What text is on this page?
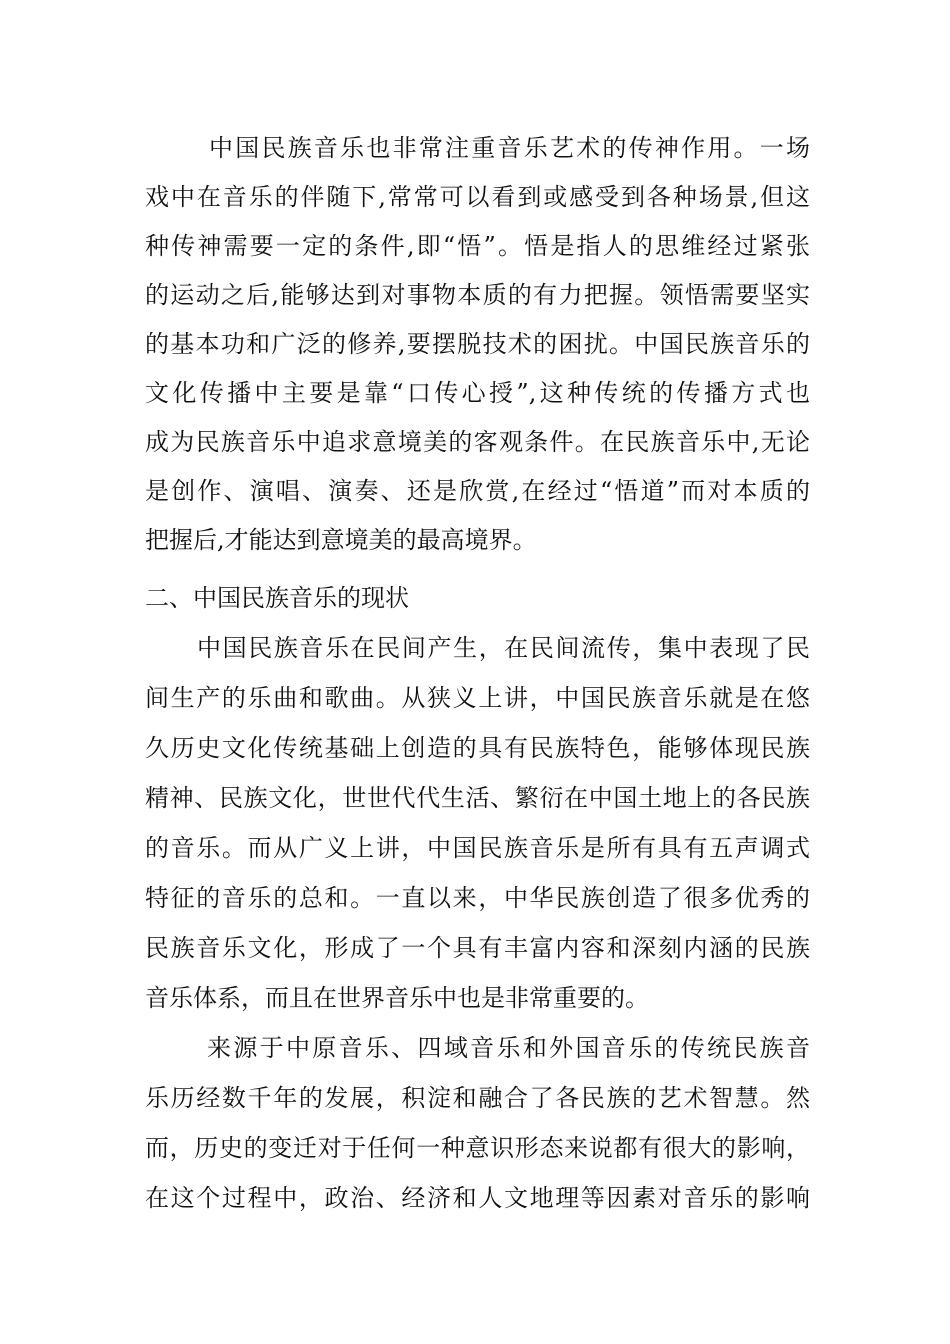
中国民族音乐也非常注重音乐艺术的传神作用。一场
戏中在音乐的伴随下,常常可以看到或感受到各种场景,但这
种传神需要一定的条件,即“悟”。悟是指人的思维经过紧张
的运动之后,能够达到对事物本质的有力把握。领悟需要坚实
的基本功和广泛的修养,要摆脱技术的困扰。中国民族音乐的
文化传播中主要是靠“口传心授”,这种传统的传播方式也
成为民族音乐中追求意境美的客观条件。在民族音乐中,无论
是创作、演唱、演奏、还是欣赏,在经过“悟道”而对本质的
把握后,才能达到意境美的最高境界。
二、中国民族音乐的现状
中国民族音乐在民间产生，在民间流传，集中表现了民
间生产的乐曲和歌曲。从狭义上讲，中国民族音乐就是在悠
久历史文化传统基础上创造的具有民族特色，能够体现民族
精神、民族文化，世世代代生活、繁衍在中国土地上的各民族
的音乐。而从广义上讲，中国民族音乐是所有具有五声调式
特征的音乐的总和。一直以来，中华民族创造了很多优秀的
民族音乐文化，形成了一个具有丰富内容和深刻内涵的民族
音乐体系，而且在世界音乐中也是非常重要的。
来源于中原音乐、四域音乐和外国音乐的传统民族音
乐历经数千年的发展，积淀和融合了各民族的艺术智慧。然
而，历史的变迁对于任何一种意识形态来说都有很大的影响，
在这个过程中，政治、经济和人文地理等因素对音乐的影响
